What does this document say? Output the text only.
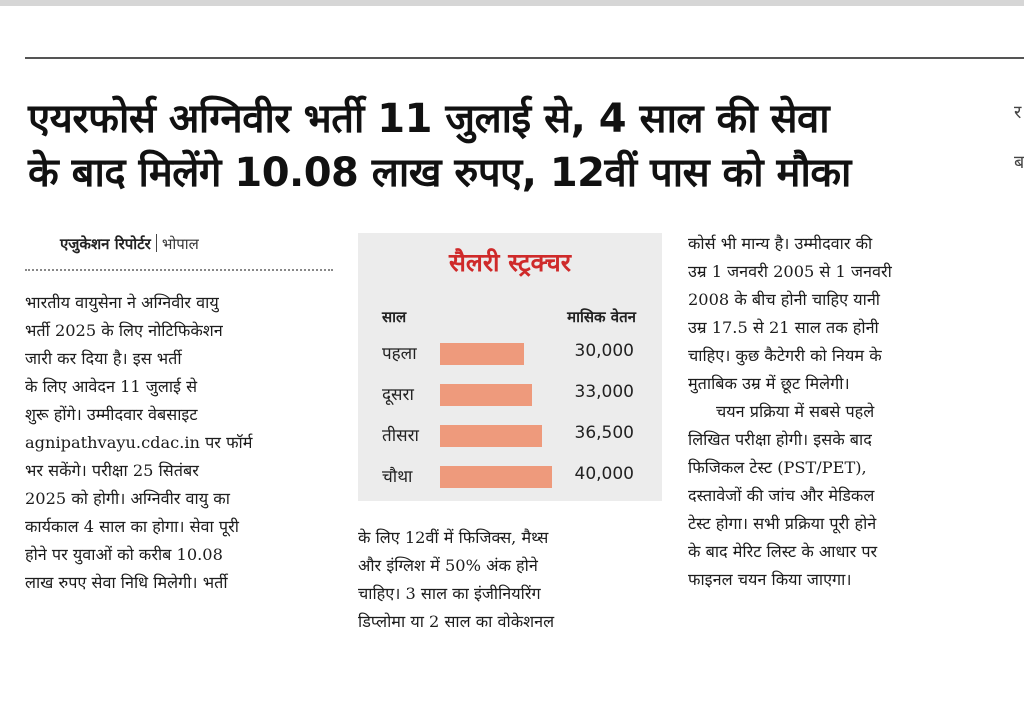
एयरफोर्स अग्निवीर भर्ती 11 जुलाई से, 4 साल की सेवा
के बाद मिलेंगे 10.08 लाख रुपए, 12वीं पास को मौका
एजुकेशन रिपोर्टर भोपाल
भारतीय वायुसेना ने अग्निवीर वायु
भर्ती 2025 के लिए नोटिफिकेशन
जारी कर दिया है। इस भर्ती
के लिए आवेदन 11 जुलाई से
शुरू होंगे। उम्मीदवार वेबसाइट
agnipathvayu.cdac.in पर फॉर्म
भर सकेंगे। परीक्षा 25 सितंबर
2025 को होगी। अग्निवीर वायु का
कार्यकाल 4 साल का होगा। सेवा पूरी
होने पर युवाओं को करीब 10.08
लाख रुपए सेवा निधि मिलेगी। भर्ती
सैलरी स्ट्रक्चर
साल	मासिक वेतन
पहला	30,000
दूसरा	33,000
तीसरा	36,500
चौथा	40,000
के लिए 12वीं में फिजिक्स, मैथ्स
और इंग्लिश में 50% अंक होने
चाहिए। 3 साल का इंजीनियरिंग
डिप्लोमा या 2 साल का वोकेशनल
कोर्स भी मान्य है। उम्मीदवार की
उम्र 1 जनवरी 2005 से 1 जनवरी
2008 के बीच होनी चाहिए यानी
उम्र 17.5 से 21 साल तक होनी
चाहिए। कुछ कैटेगरी को नियम के
मुताबिक उम्र में छूट मिलेगी।
चयन प्रक्रिया में सबसे पहले
लिखित परीक्षा होगी। इसके बाद
फिजिकल टेस्ट (PST/PET),
दस्तावेजों की जांच और मेडिकल
टेस्ट होगा। सभी प्रक्रिया पूरी होने
के बाद मेरिट लिस्ट के आधार पर
फाइनल चयन किया जाएगा।
र
ब
